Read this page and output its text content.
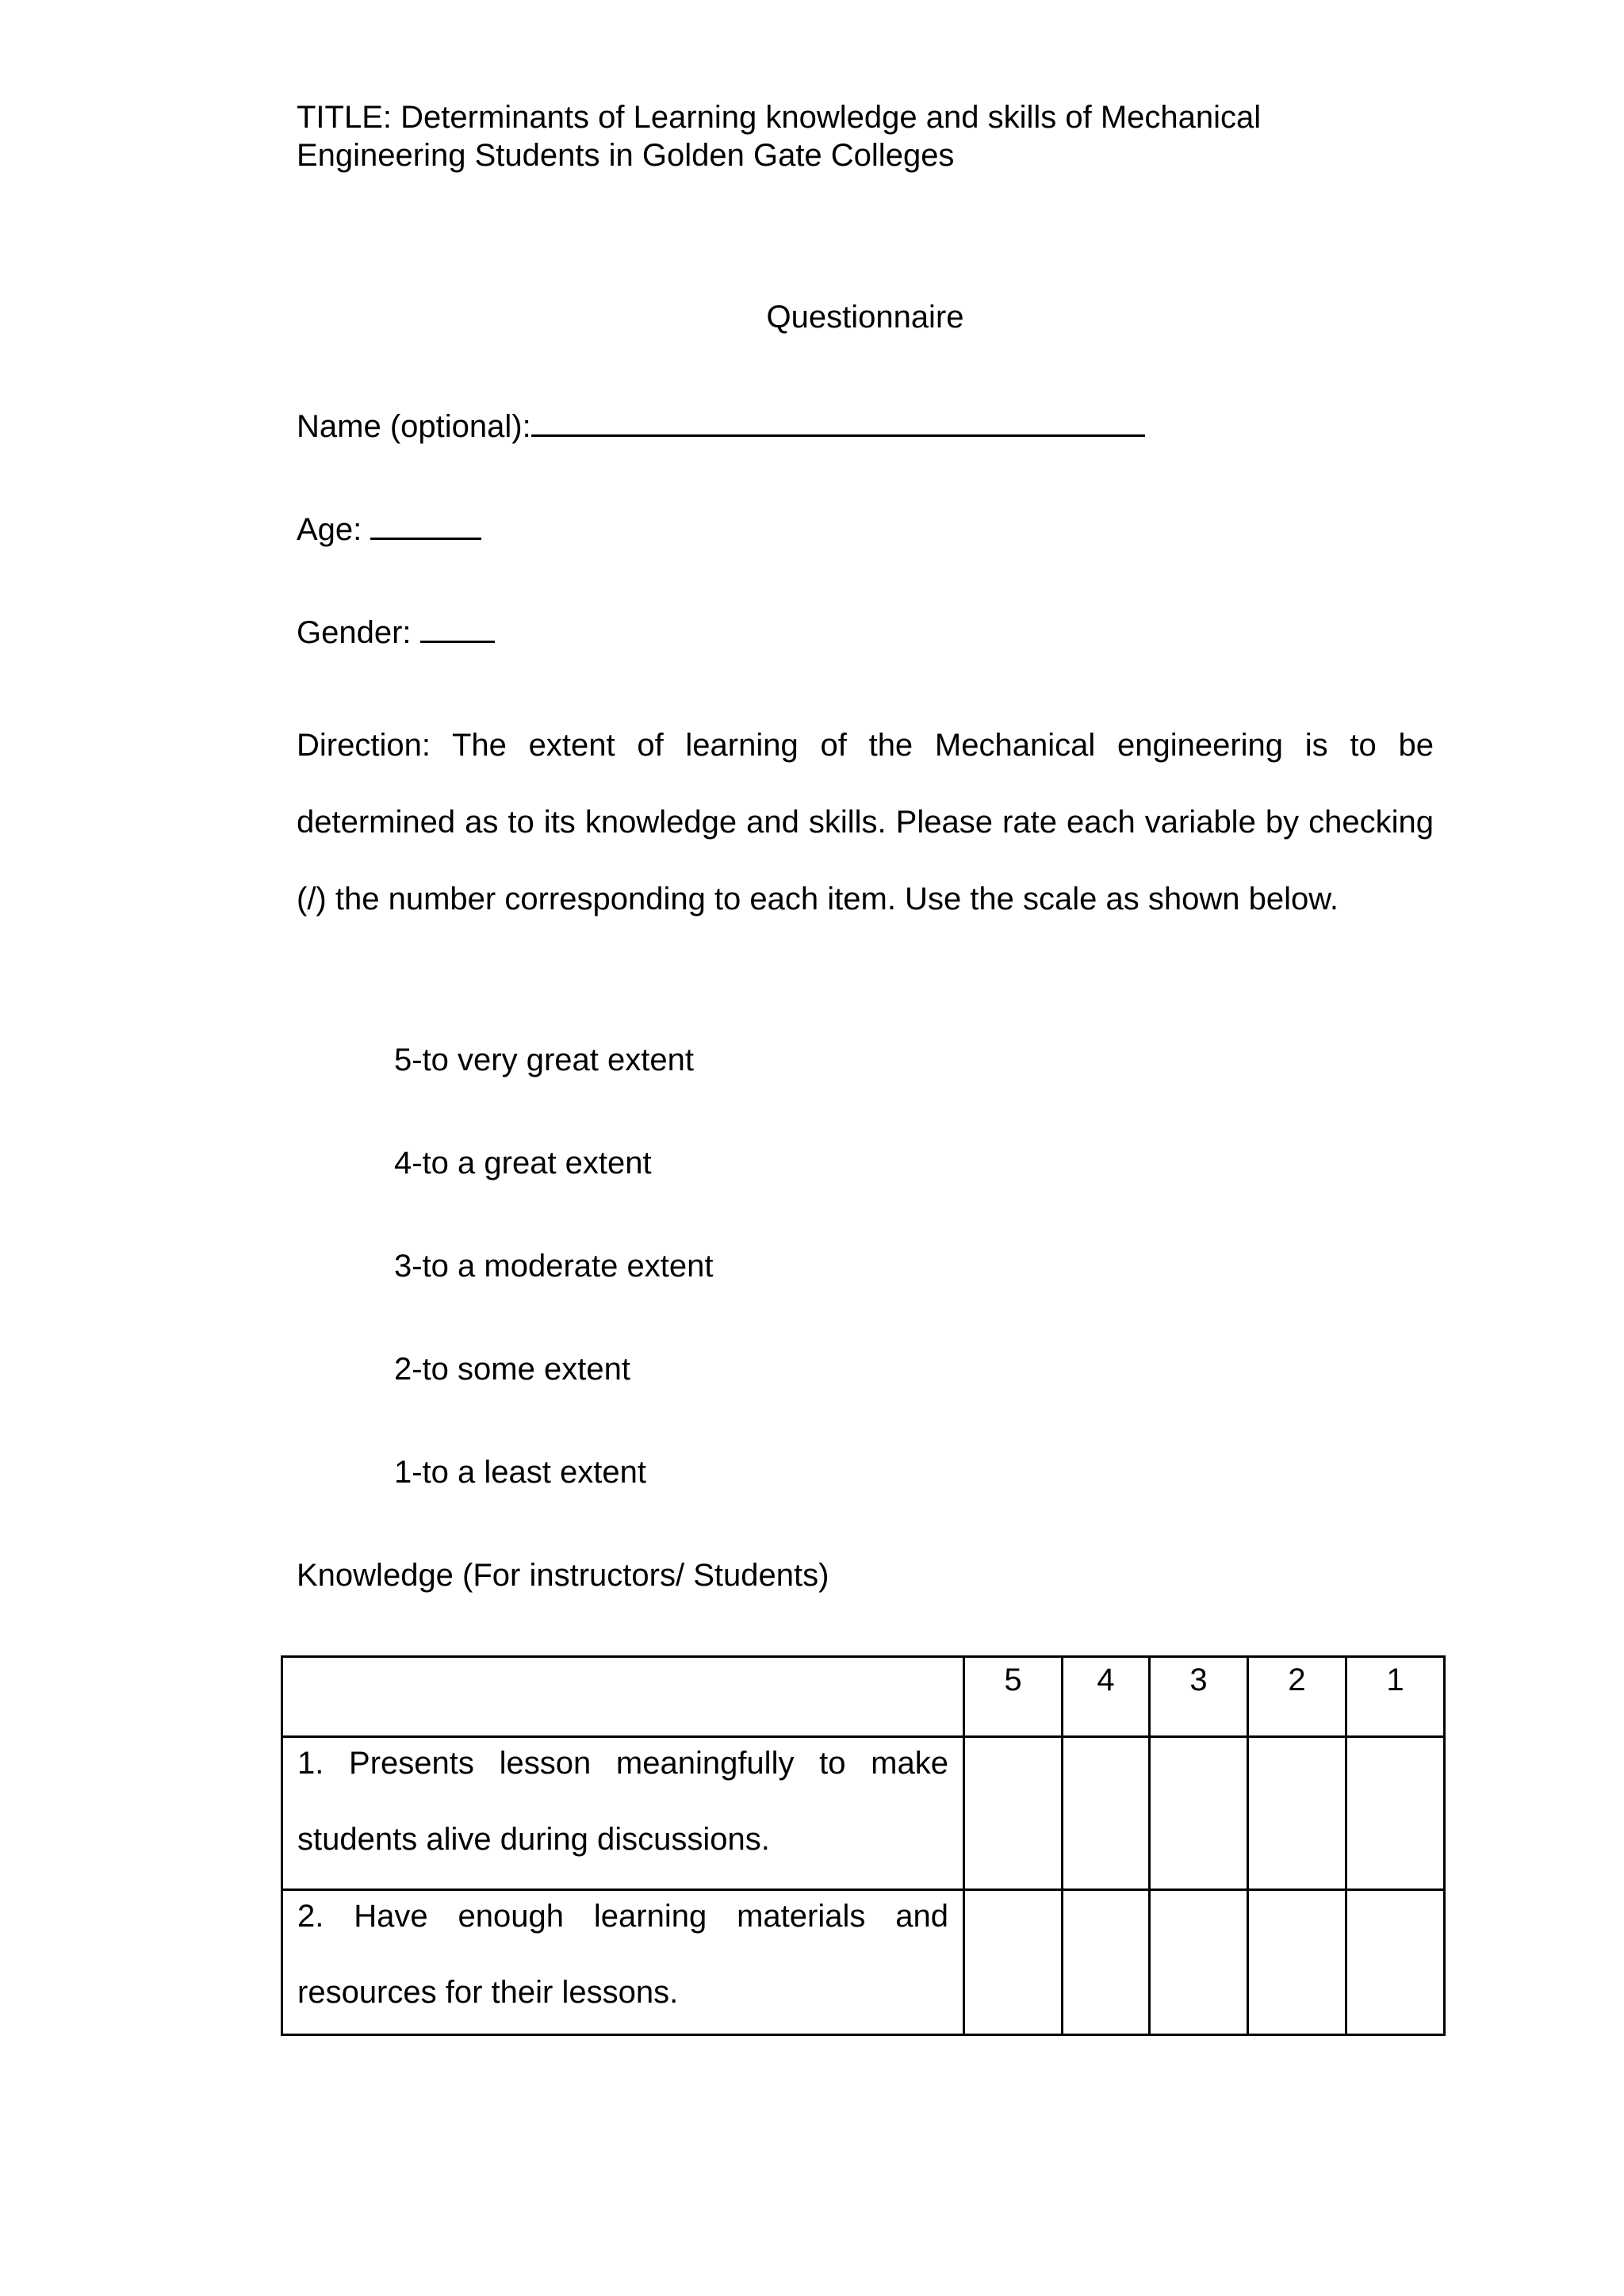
TITLE: Determinants of Learning knowledge and skills of Mechanical
Engineering Students in Golden Gate Colleges

Questionnaire

Name (optional):

Age:

Gender:

Direction: The extent of learning of the Mechanical engineering is to be determined as to its knowledge and skills. Please rate each variable by checking (/) the number corresponding to each item. Use the scale as shown below.

5-to very great extent
4-to a great extent
3-to a moderate extent
2-to some extent
1-to a least extent

Knowledge (For instructors/ Students)

	5	4	3	2	1

1. Presents lesson meaningfully to make students alive during discussions.					

2. Have enough learning materials and resources for their lessons.					
